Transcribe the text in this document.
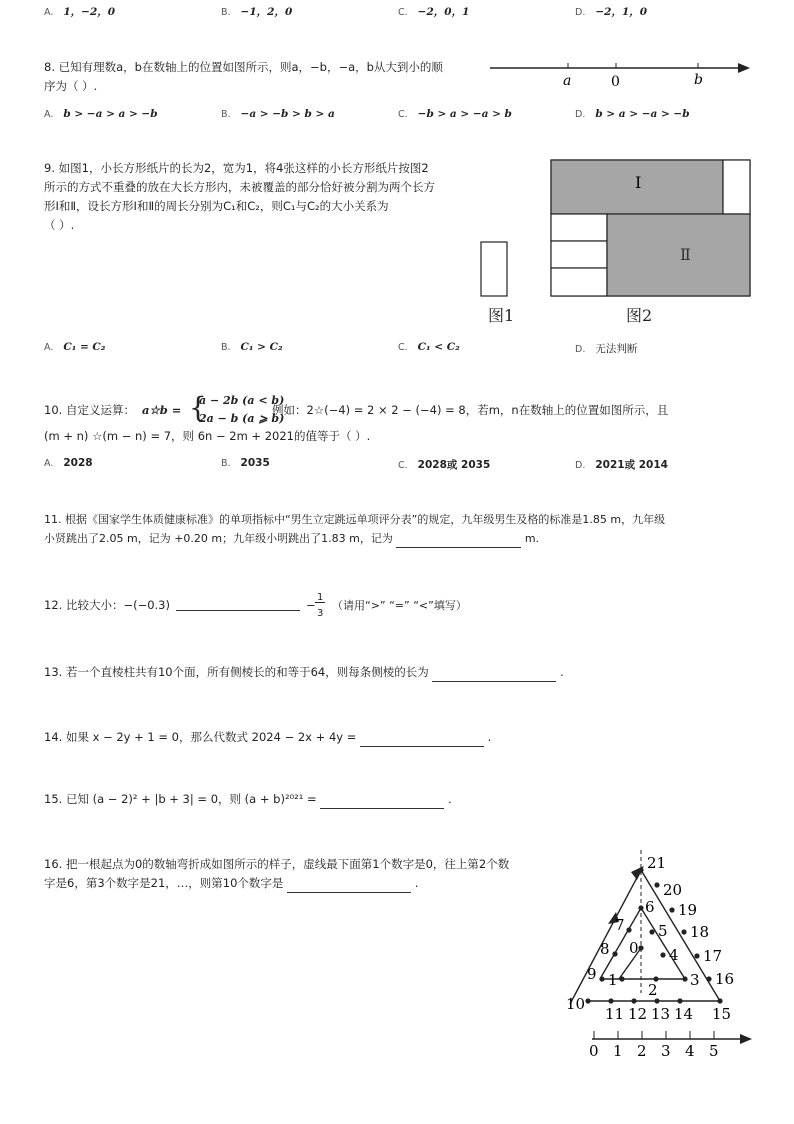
A. 1，−2，0	B. −1，2，0	C. −2，0，1	D. −2，1，0
8. 已知有理数a，b在数轴上的位置如图所示，则a，−b，−a，b从大到小的顺
序为（ ）.	a	0	b
A. b > −a > a > −b	B. −a > −b > b > a	C. −b > a > −a > b	D. b > a > −a > −b
9. 如图1，小长方形纸片的长为2，宽为1，将4张这样的小长方形纸片按图2
所示的方式不重叠的放在大长方形内，未被覆盖的部分恰好被分割为两个长方
形Ⅰ和Ⅱ，设长方形Ⅰ和Ⅱ的周长分别为C₁和C₂，则C₁与C₂的大小关系为
（ ）.
Ⅰ
Ⅱ
图1	图2
A. C₁ = C₂	B. C₁ > C₂	C. C₁ < C₂	D. 无法判断
10. 自定义运算： a☆b = {
a − 2b (a < b)
2a − b (a ⩾ b)
例如：2☆(−4) = 2 × 2 − (−4) = 8，若m，n在数轴上的位置如图所示，且
(m + n) ☆(m − n) = 7，则 6n − 2m + 2021的值等于（ ）.
A. 2028	B. 2035	C. 2028或 2035	D. 2021或 2014
11. 根据《国家学生体质健康标准》的单项指标中“男生立定跳远单项评分表”的规定，九年级男生及格的标准是1.85 m，九年级
小贤跳出了2.05 m，记为 +0.20 m；九年级小明跳出了1.83 m，记为	m.
12. 比较大小：−(−0.3)	−
1
3
（请用“>” “=” “<”填写）
13. 若一个直棱柱共有10个面，所有侧棱长的和等于64，则每条侧棱的长为	.
14. 如果 x − 2y + 1 = 0，那么代数式 2024 − 2x + 4y =	.
15. 已知 (a − 2)² + |b + 3| = 0，则 (a + b)²⁰²¹ =	.
16. 把一根起点为0的数轴弯折成如图所示的样子，虚线最下面第1个数字是0，往上第2个数
字是6，第3个数字是21，…，则第10个数字是	.
0
1
2
3
4
5
6
7
8
9
10
11 12 13 14 15
16
17
18
19
20
21
0 1 2 3 4 5
